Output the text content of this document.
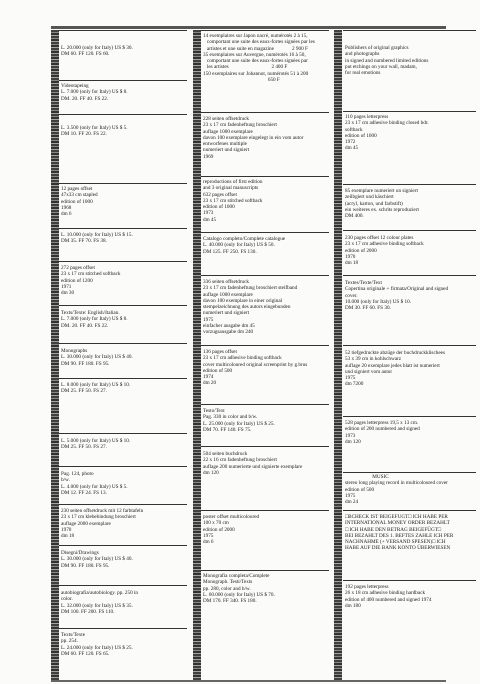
L. 20.000 (only for Italy) US $ 30.
DM 60. FF 120. FS 60.
Videotapeing
L. 7.000 (only for Italy) US $ 8.
DM. 20. FF 40. FS 22.
L. 3.500 (only for Italy) US $ 5.
DM 10. FF 20. FS 22.
12 pages offset
47x33 cm stapled
edition of 1000
1968
dm 6
L. 10.000 (only for Italy) US $ 15.
DM 35. FF 70. FS 38.
272 pages offset
23 x 17 cm stitched softback
edition of 1200
1971
dm 30
Texts/Texte: English/Italian.
L. 7.000 (only for Italy) US $ 8.
DM. 20. FF 40. FS 22.
Monographs
L. 30.000 (only for Italy) US $ 40.
DM 90. FF 180. FS 95.
L. 8.000 (only for Italy) US $ 10.
DM 25. FF 50. FS 27.
L. 5.000 (only for Italy) US $ 10.
DM 25. FF 50. FS 27.
Pag. 124, photo
b/w.
L. 4.000 (only for Italy) US $ 5.
DM 12. FF 24. FS 13.
230 seiten offsetdruck mit 12 farbtafeln
23 x 17 cm klebebindung broschiert
auflage 2000 exemplare
1970
dm 18
Disegni/Drawings
L. 30.000 (only for Italy) US $ 40.
DM 90. FF 180. FS 95.
autobiografia/autobiology. pp. 250 in
color.
L. 32.000 (only for Italy) US $ 35.
DM 100. FF 200. FS 110.
Texts/Texte
pp. 254.
L. 24.000 (only for Italy) US $ 25.
DM 60. FF 120. FS 65.
14 exemplaires sur Japon nacré, numérotés 2 à 15,
comportant une suite des eaux-fortes signées par les
artistes et une suite en magazine              2 900 F
35 exemplaires sur Auvergne, numérotés 16 à 50,
comportant une suite des eaux-fortes signées par
les artistes                                 2 400 F
150 exemplaires sur Johannot, numérotés 51 à 200
650 F
228 seiten offsetdruck
23 x 17 cm fadenheftung broschiert
auflage 1000 exemplare
davon 100 exemplare eingelegt in ein vom autor
entworfenes multiple
numeriert und signiert
1969
reproductions of first edition
and 3 original manuscripts
632 pages offset
23 x 17 cm stitched softback
edition of 1000
1973
dm 45
Catalogo completo/Complete catalogue
L. 40.000 (only for Italy) US $ 50.
DM 125. FF 250. FS 130.
336 seiten offsetdruck
23 x 17 cm fadenheftung broschiert steifband
auflage 1000 exemplare
davon 100 exemplare in einer original
stempelzeichnung des autors eingebunden
numeriert und signiert
1975
einfacher ausgabe dm 45
vorzugsausgabe dm 240
136 pages offset
23 x 17 cm adhesive binding softback
cover multicoloured original screenprint by g.brus
edition of 500
1974
dm 20
Testo/Text
Pag. 330 in color and b/w.
L. 25.000 (only for Italy) US $ 25.
DM 70. FF 140. FS 75.
504 seiten buchdruck
22 x 16 cm fadenheftung broschiert
auflage 200 numerierte und signierte exemplare
dm 120
poster offset multicoloured
100 x 70 cm
edition of 2000
1975
dm 6
Monografia completa/Complete
Monograph. Testi/Texts
pp. 280, color and b/w.
L. 60.000 (only for Italy) US $ 70.
DM 170. FF 340. FS 180.
Publishers of original graphics
and photographs
in signed and numbered limited editions
put etchings on your wall, madam,
for real emotions
110 pages letterpress
23 x 17 cm adhesive binding closed bdr.
softback
edition of 1000
1972
dm 45
85 exemplare numeriert un signiert
zeilbgiert und käschiert
(acryl, karton, und farbstift)
ein weiteres ex. schrits reproduziert
DM 400.
230 pages offset 12 colour plates
23 x 17 cm adhesive binding softback
edition of 2000
1970
dm 18
Textes/Texte/Text
Copertina originale + firmata/Original and signed
cover.
10.000 (only for Italy) US $ 10.
DM 30. FF 60. FS 30.
52 tiefgedruckte abzüge der buchdruckklischees
53 x 39 cm in kohlschwarz
auflage 20 exemplare jedes blatt ist numeriert
und signiert vom autor
1975
dm 7200
528 pages letterpress 19,5 x 13 cm.
edition of 200 numbered and signed
1973
dm 120
MUSIC
stereo long playing record in multicoloured cover
edition of 500
1975
dm 24
□BCHECK IST BEIGEFÜGT□ ICH HABE PER
INTERNATIONAL MONEY ORDER BEZAHLT
□ ICH HABE DEN BETRAG BEIGEFÜGT□
BEI BEZAHLT DES 1. BEFTES ZAHLE ICH PER
NACHNAHME (+ VERSAND SPESEN)□ ICH
HABE AUF DIE BANK KONTO ÜBERWIESEN
192 pages letterpress
26 x 18 cm adhesive binding hardback
edition of 400 numbered and signed 1974
dm 180
